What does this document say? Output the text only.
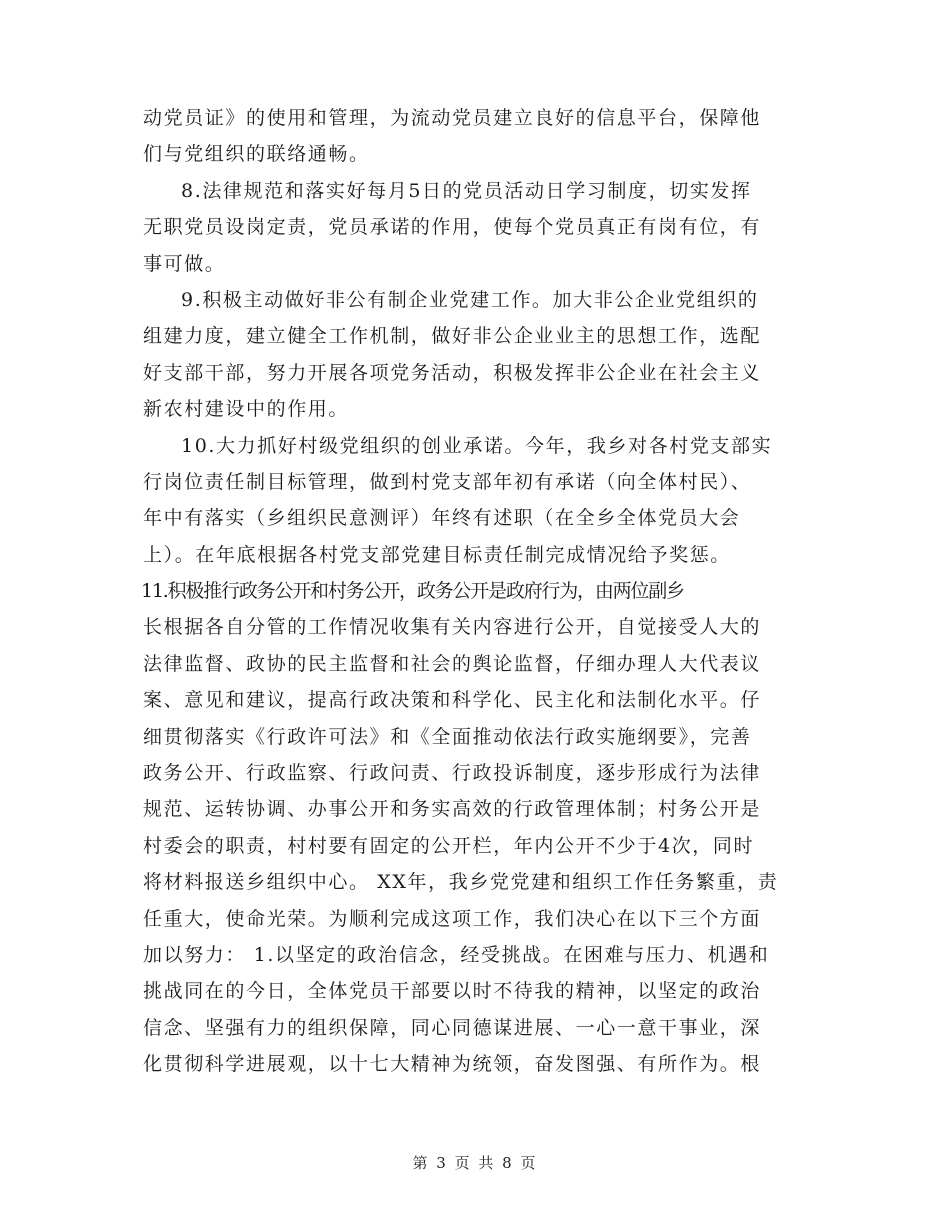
动党员证》的使用和管理，为流动党员建立良好的信息平台，保障他
们与党组织的联络通畅。
8.法律规范和落实好每月5日的党员活动日学习制度，切实发挥
无职党员设岗定责，党员承诺的作用，使每个党员真正有岗有位，有
事可做。
9.积极主动做好非公有制企业党建工作。加大非公企业党组织的
组建力度，建立健全工作机制，做好非公企业业主的思想工作，选配
好支部干部，努力开展各项党务活动，积极发挥非公企业在社会主义
新农村建设中的作用。
10.大力抓好村级党组织的创业承诺。今年，我乡对各村党支部实
行岗位责任制目标管理，做到村党支部年初有承诺（向全体村民）、
年中有落实（乡组织民意测评）年终有述职（在全乡全体党员大会
上）。在年底根据各村党支部党建目标责任制完成情况给予奖惩。
11.积极推行政务公开和村务公开，政务公开是政府行为，由两位副乡
长根据各自分管的工作情况收集有关内容进行公开，自觉接受人大的
法律监督、政协的民主监督和社会的舆论监督，仔细办理人大代表议
案、意见和建议，提高行政决策和科学化、民主化和法制化水平。仔
细贯彻落实《行政许可法》和《全面推动依法行政实施纲要》，完善
政务公开、行政监察、行政问责、行政投诉制度，逐步形成行为法律
规范、运转协调、办事公开和务实高效的行政管理体制；村务公开是
村委会的职责，村村要有固定的公开栏，年内公开不少于4次，同时
将材料报送乡组织中心。 XX年，我乡党党建和组织工作任务繁重，责
任重大，使命光荣。为顺利完成这项工作，我们决心在以下三个方面
加以努力： 1.以坚定的政治信念，经受挑战。在困难与压力、机遇和
挑战同在的今日，全体党员干部要以时不待我的精神，以坚定的政治
信念、坚强有力的组织保障，同心同德谋进展、一心一意干事业，深
化贯彻科学进展观，以十七大精神为统领，奋发图强、有所作为。根
第 3 页 共 8 页
